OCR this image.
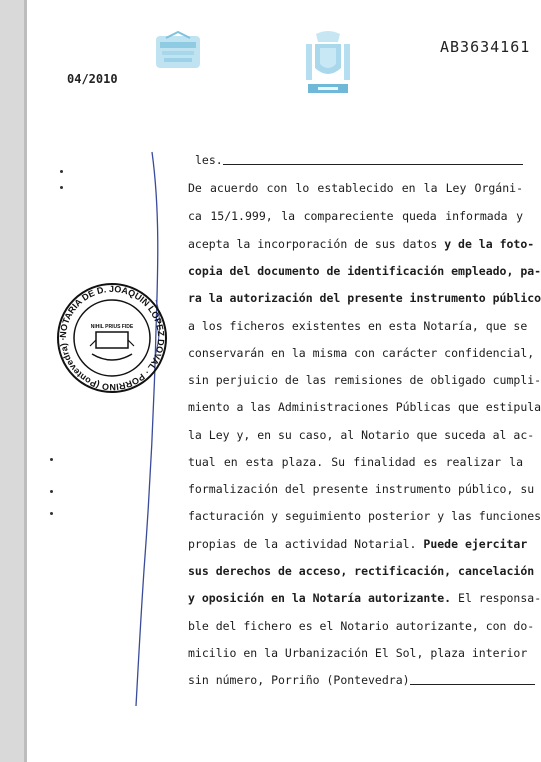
AB3634161
04/2010
NOTARIA DE D. JOAQUIN LÓPEZ DOVAL · PORRIÑO (Pontevedra) ·
NIHIL PRIUS FIDE
les.
De acuerdo con lo establecido en la Ley Orgáni-
ca 15/1.999, la compareciente queda informada y
acepta la incorporación de sus datos y de la foto-
copia del documento de identificación empleado, pa-
ra la autorización del presente instrumento público
a los ficheros existentes en esta Notaría, que se
conservarán en la misma con carácter confidencial,
sin perjuicio de las remisiones de obligado cumpli-
miento a las Administraciones Públicas que estipula
la Ley y, en su caso, al Notario que suceda al ac-
tual en esta plaza. Su finalidad es realizar la
formalización del presente instrumento público, su
facturación y seguimiento posterior y las funciones
propias de la actividad Notarial. Puede ejercitar
sus derechos de acceso, rectificación, cancelación
y oposición en la Notaría autorizante. El responsa-
ble del fichero es el Notario autorizante, con do-
micilio en la Urbanización El Sol, plaza interior
sin número, Porriño (Pontevedra)
